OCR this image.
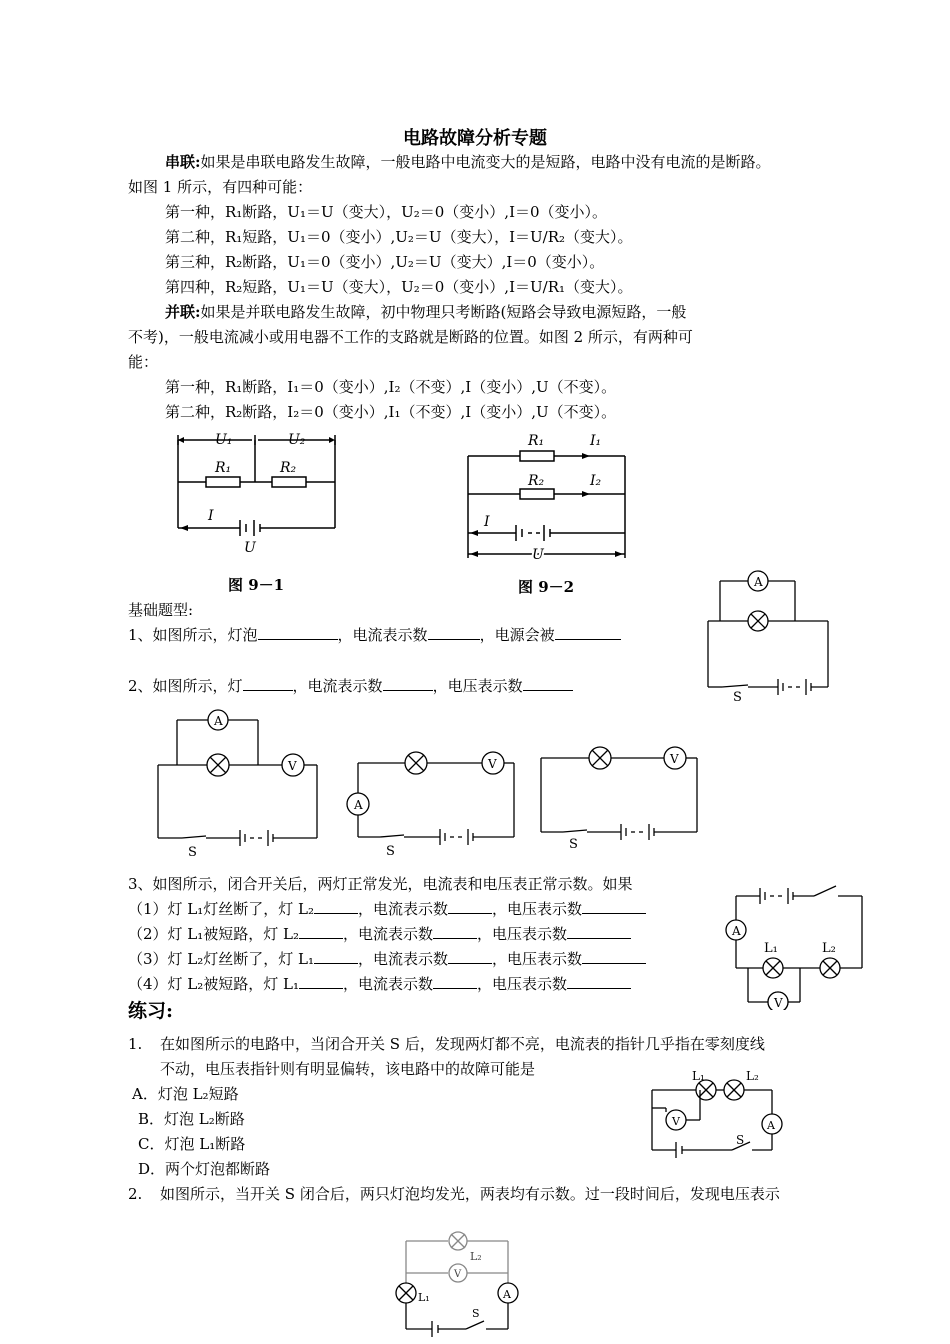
电路故障分析专题
串联:如果是串联电路发生故障，一般电路中电流变大的是短路，电路中没有电流的是断路。
如图 1 所示，有四种可能：
第一种，R₁断路，U₁＝U（变大），U₂＝0（变小）,I＝0（变小）。
第二种，R₁短路，U₁＝0（变小）,U₂＝U（变大），I＝U/R₂（变大）。
第三种，R₂断路，U₁＝0（变小）,U₂＝U（变大）,I＝0（变小）。
第四种，R₂短路，U₁＝U（变大），U₂＝0（变小）,I＝U/R₁（变大）。
并联:如果是并联电路发生故障，初中物理只考断路(短路会导致电源短路，一般
不考)，一般电流减小或用电器不工作的支路就是断路的位置。如图 2 所示，有两种可
能：
第一种，R₁断路，I₁＝0（变小）,I₂（不变）,I（变小）,U（不变）。
第二种，R₂断路，I₂＝0（变小）,I₁（不变）,I（变小）,U（不变）。
U₁	U₂
R₁	R₂
I
U
图 9－1
R₁	I₁
R₂	I₂
I
U
图 9－2
基础题型:
1、如图所示，灯泡	，电流表示数	，电源会被
2、如图所示，灯	，电流表示数	，电压表示数
A
S
A
V
S
V
A
S
V
S
3、如图所示，闭合开关后，两灯正常发光，电流表和电压表正常示数。如果
（1）灯 L₁灯丝断了，灯 L₂	，电流表示数	，电压表示数
（2）灯 L₁被短路，灯 L₂	，电流表示数	，电压表示数
（3）灯 L₂灯丝断了，灯 L₁	，电流表示数	，电压表示数
（4）灯 L₂被短路，灯 L₁	，电流表示数	，电压表示数
A
L₁	L₂
V
练习:
1. 在如图所示的电路中，当闭合开关 S 后，发现两灯都不亮，电流表的指针几乎指在零刻度线
不动，电压表指针则有明显偏转，该电路中的故障可能是
A．灯泡 L₂短路
B．灯泡 L₂断路
C．灯泡 L₁断路
D．两个灯泡都断路
L₁	L₂
V	A
S
2. 如图所示，当开关 S 闭合后，两只灯泡均发光，两表均有示数。过一段时间后，发现电压表示
L₂
V
L₁	A
S
